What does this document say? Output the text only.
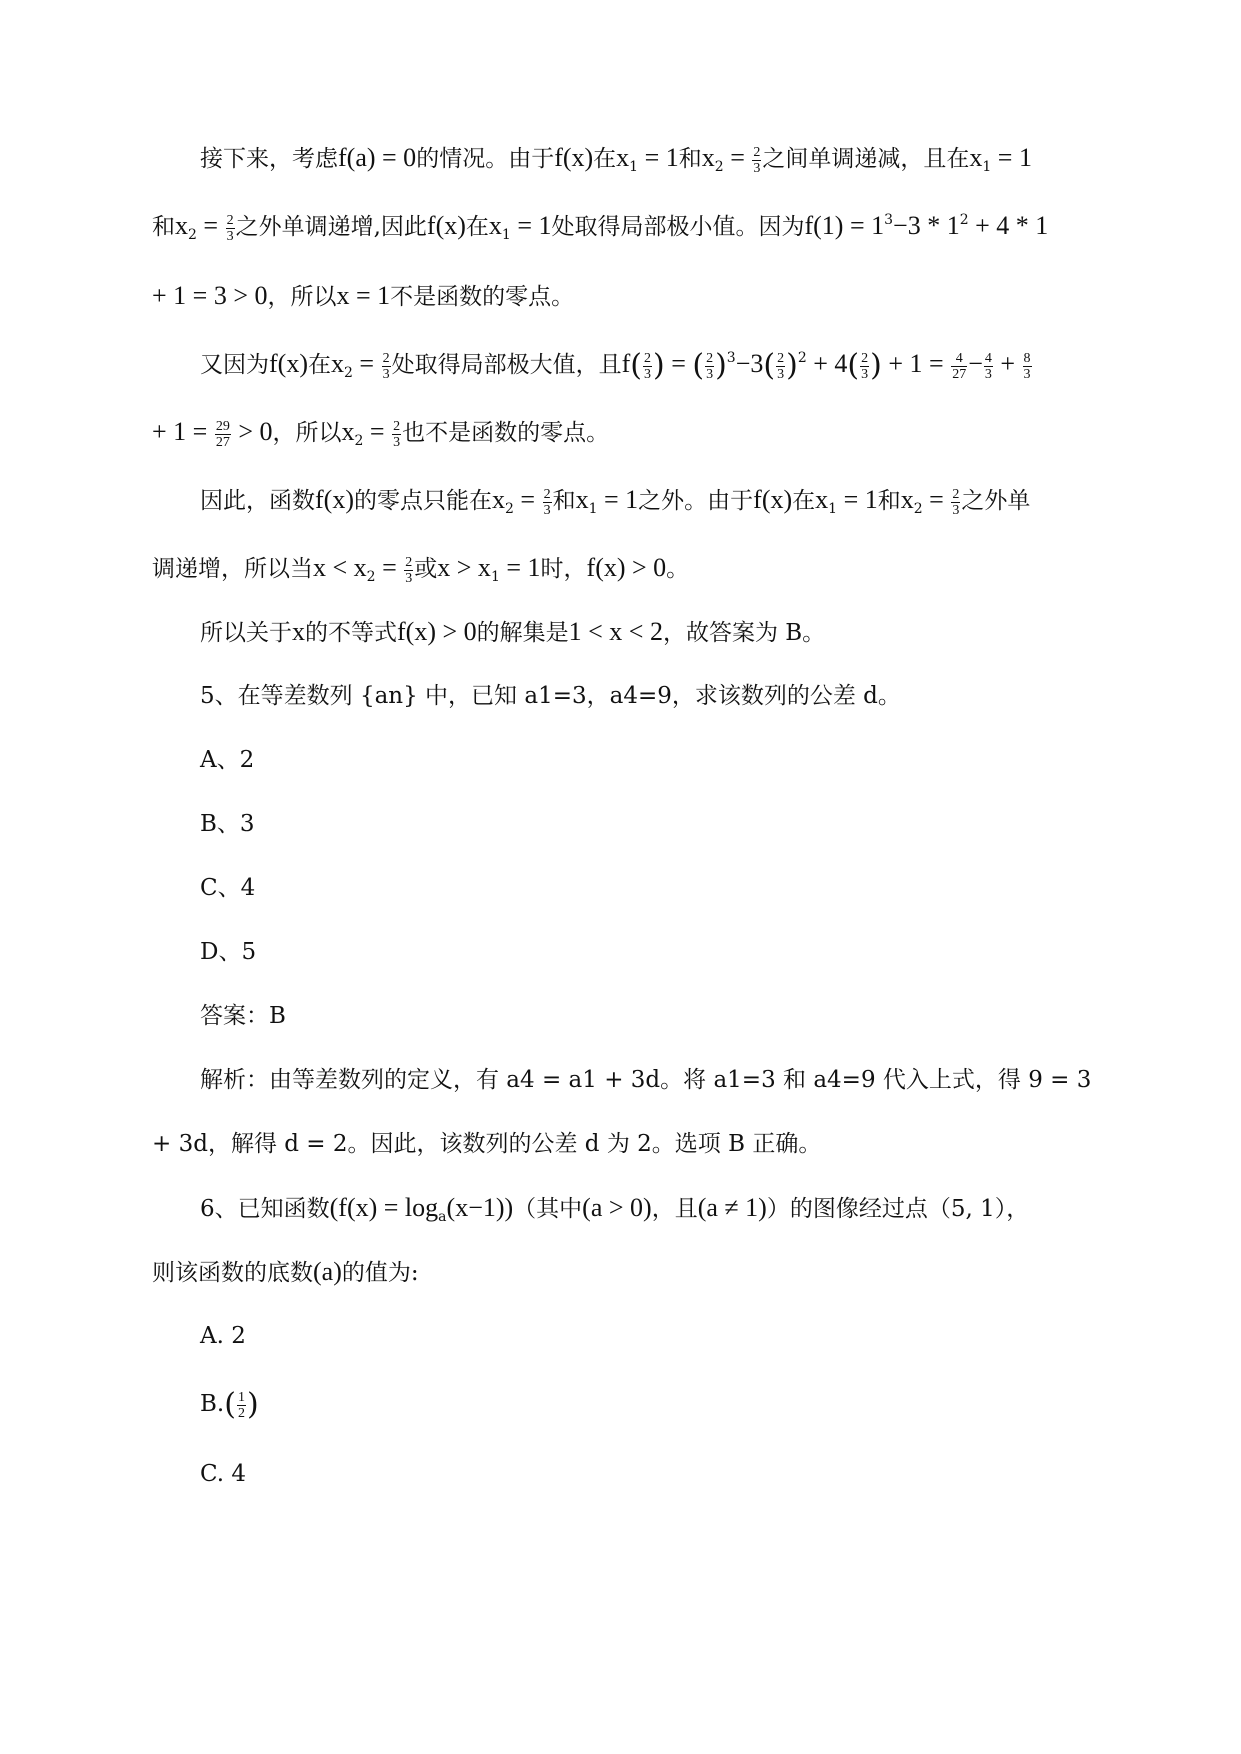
接下来，考虑f(a) = 0的情况。由于f(x)在$x_1 = 1$和$x_2 = \frac{2}{3}$ 之间单调递减，且在$x_1 = 1$
和$x_2 = \frac{2}{3}$ 之外单调递增,因此f(x)在$x_1 = 1$处取得局部极小值。因为$f(1) = 1^3-3 * 1^2 + 4 * 1$
+ 1 = 3 > 0，所以x = 1不是函数的零点。
又因为f(x)在$x_2 = \frac{2}{3}$ 处取得局部极大值，且$f( \frac{2}{3}$ ) = ( $\frac{2}{3} )^3-3( \frac{2}{3} )^2 + 4( \frac{2}{3}$ ) + $1 = \frac{4}{27} - \frac{4}{3} + \frac{8}{3}$
+ $1 = \frac{29}{27} > 0$，所以$x_2 = \frac{2}{3}$ 也不是函数的零点。
因此，函数f(x)的零点只能在$x_2 = \frac{2}{3}$ 和$x_1 = 1$之外。由于f(x)在$x_1 = 1$和$x_2 = \frac{2}{3}$ 之外单
调递增，所以当$x < x_2 = \frac{2}{3}$ 或$x > x_1 = 1$时，f(x) > 0。
所以关于x的不等式f(x) > 0的解集是1 < x < 2，故答案为 B。
5、在等差数列 {an} 中，已知 a1=3，a4=9，求该数列的公差 d。
A、2
B、3
C、4
D、5
答案：B
解析：由等差数列的定义，有 a4 = a1 + 3d。将 a1=3 和 a4=9 代入上式，得 9 = 3
+ 3d，解得 d = 2。因此，该数列的公差 d 为 2。选项 B 正确。
6、已知函数$(f(x) = \log_a(x-1))$（其中(a > 0)，且(a ≠ 1)）的图像经过点（5, 1），
则该函数的底数(a)的值为:
A. 2
$B.( \frac{1}{2}$ )
C. 4
